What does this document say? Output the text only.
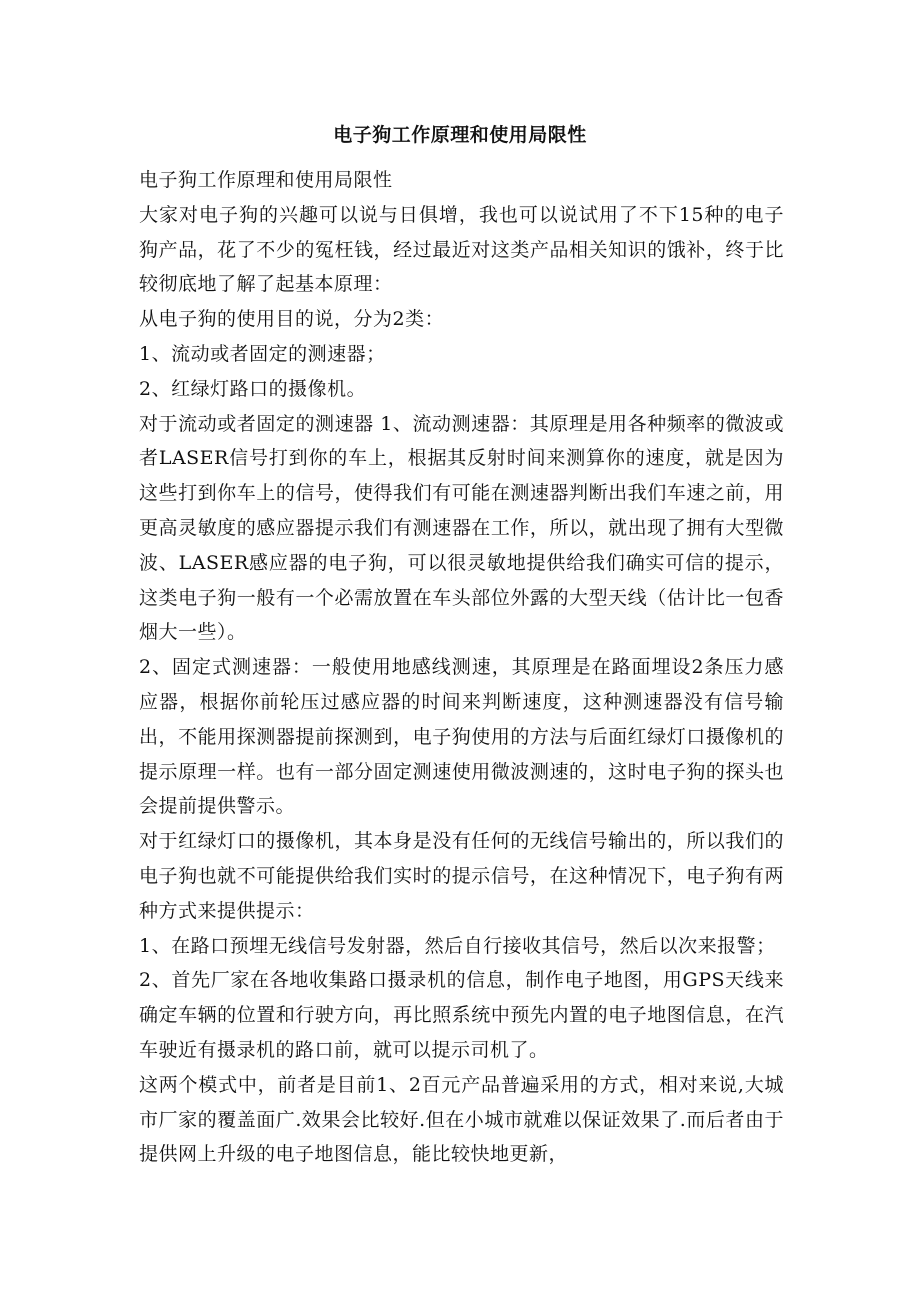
电子狗工作原理和使用局限性

电子狗工作原理和使用局限性

大家对电子狗的兴趣可以说与日俱增，我也可以说试用了不下15种的电子狗产品，花了不少的冤枉钱，经过最近对这类产品相关知识的饿补，终于比较彻底地了解了起基本原理：

从电子狗的使用目的说，分为2类：

1、流动或者固定的测速器；

2、红绿灯路口的摄像机。

对于流动或者固定的测速器 1、流动测速器：其原理是用各种频率的微波或者LASER信号打到你的车上，根据其反射时间来测算你的速度，就是因为这些打到你车上的信号，使得我们有可能在测速器判断出我们车速之前，用更高灵敏度的感应器提示我们有测速器在工作，所以，就出现了拥有大型微波、LASER感应器的电子狗，可以很灵敏地提供给我们确实可信的提示，这类电子狗一般有一个必需放置在车头部位外露的大型天线（估计比一包香烟大一些）。

2、固定式测速器：一般使用地感线测速，其原理是在路面埋设2条压力感应器，根据你前轮压过感应器的时间来判断速度，这种测速器没有信号输出，不能用探测器提前探测到，电子狗使用的方法与后面红绿灯口摄像机的提示原理一样。也有一部分固定测速使用微波测速的，这时电子狗的探头也会提前提供警示。

对于红绿灯口的摄像机，其本身是没有任何的无线信号输出的，所以我们的电子狗也就不可能提供给我们实时的提示信号，在这种情况下，电子狗有两种方式来提供提示：

1、在路口预埋无线信号发射器，然后自行接收其信号，然后以次来报警；

2、首先厂家在各地收集路口摄录机的信息，制作电子地图，用GPS天线来确定车辆的位置和行驶方向，再比照系统中预先内置的电子地图信息，在汽车驶近有摄录机的路口前，就可以提示司机了。

这两个模式中，前者是目前1、2百元产品普遍采用的方式，相对来说,大城市厂家的覆盖面广.效果会比较好.但在小城市就难以保证效果了.而后者由于提供网上升级的电子地图信息，能比较快地更新，
